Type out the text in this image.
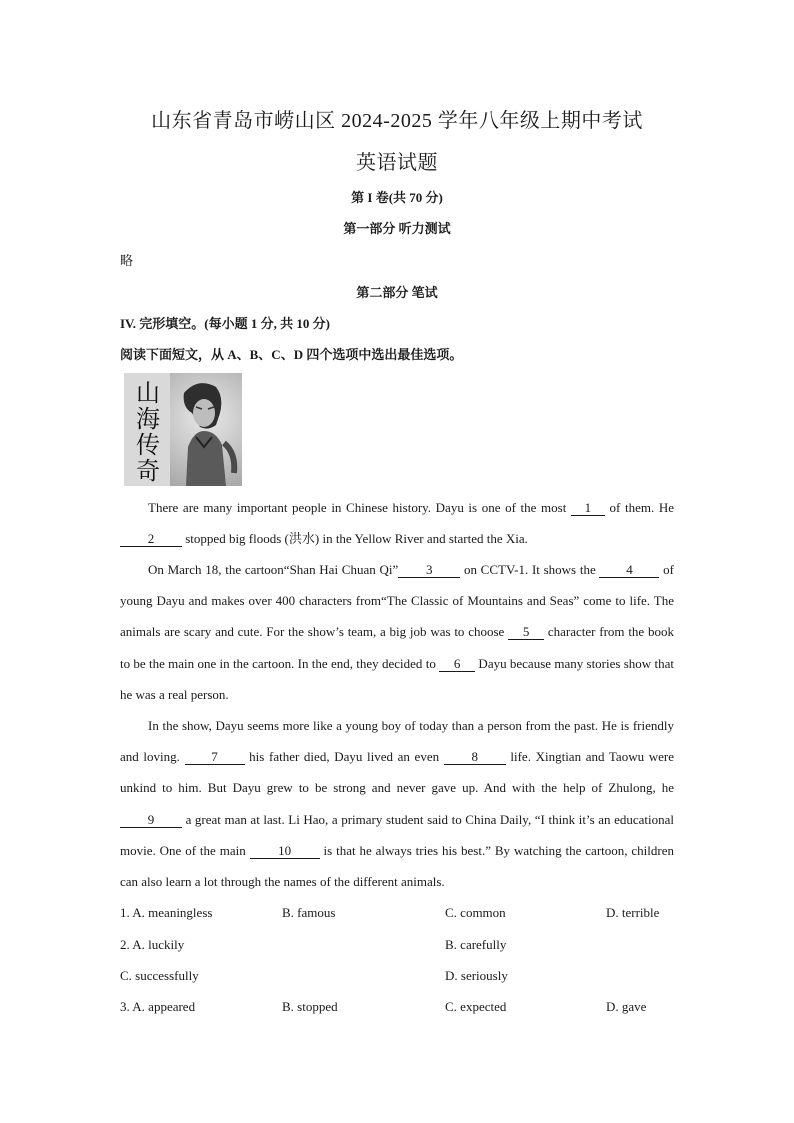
山东省青岛市崂山区 2024-2025 学年八年级上期中考试
英语试题
第 I 卷(共 70 分)
第一部分 听力测试
略
第二部分 笔试
IV. 完形填空。(每小题 1 分, 共 10 分)
阅读下面短文，从 A、B、C、D 四个选项中选出最佳选项。
山
海
传
奇
There are many important people in Chinese history. Dayu is one of the most 1 of them. He 2 stopped big floods (洪水) in the Yellow River and started the Xia.
On March 18, the cartoon“Shan Hai Chuan Qi” 3 on CCTV-1. It shows the 4 of young Dayu and makes over 400 characters from“The Classic of Mountains and Seas” come to life. The animals are scary and cute. For the show’s team, a big job was to choose 5 character from the book to be the main one in the cartoon. In the end, they decided to 6 Dayu because many stories show that he was a real person.
In the show, Dayu seems more like a young boy of today than a person from the past. He is friendly and loving. 7 his father died, Dayu lived an even 8 life. Xingtian and Taowu were unkind to him. But Dayu grew to be strong and never gave up. And with the help of Zhulong, he 9 a great man at last. Li Hao, a primary student said to China Daily, “I think it’s an educational movie. One of the main 10 is that he always tries his best.” By watching the cartoon, children can also learn a lot through the names of the different animals.
1. A. meaningless	B. famous	C. common	D. terrible
2. A. luckily	B. carefully
C. successfully	D. seriously
3. A. appeared	B. stopped	C. expected	D. gave
